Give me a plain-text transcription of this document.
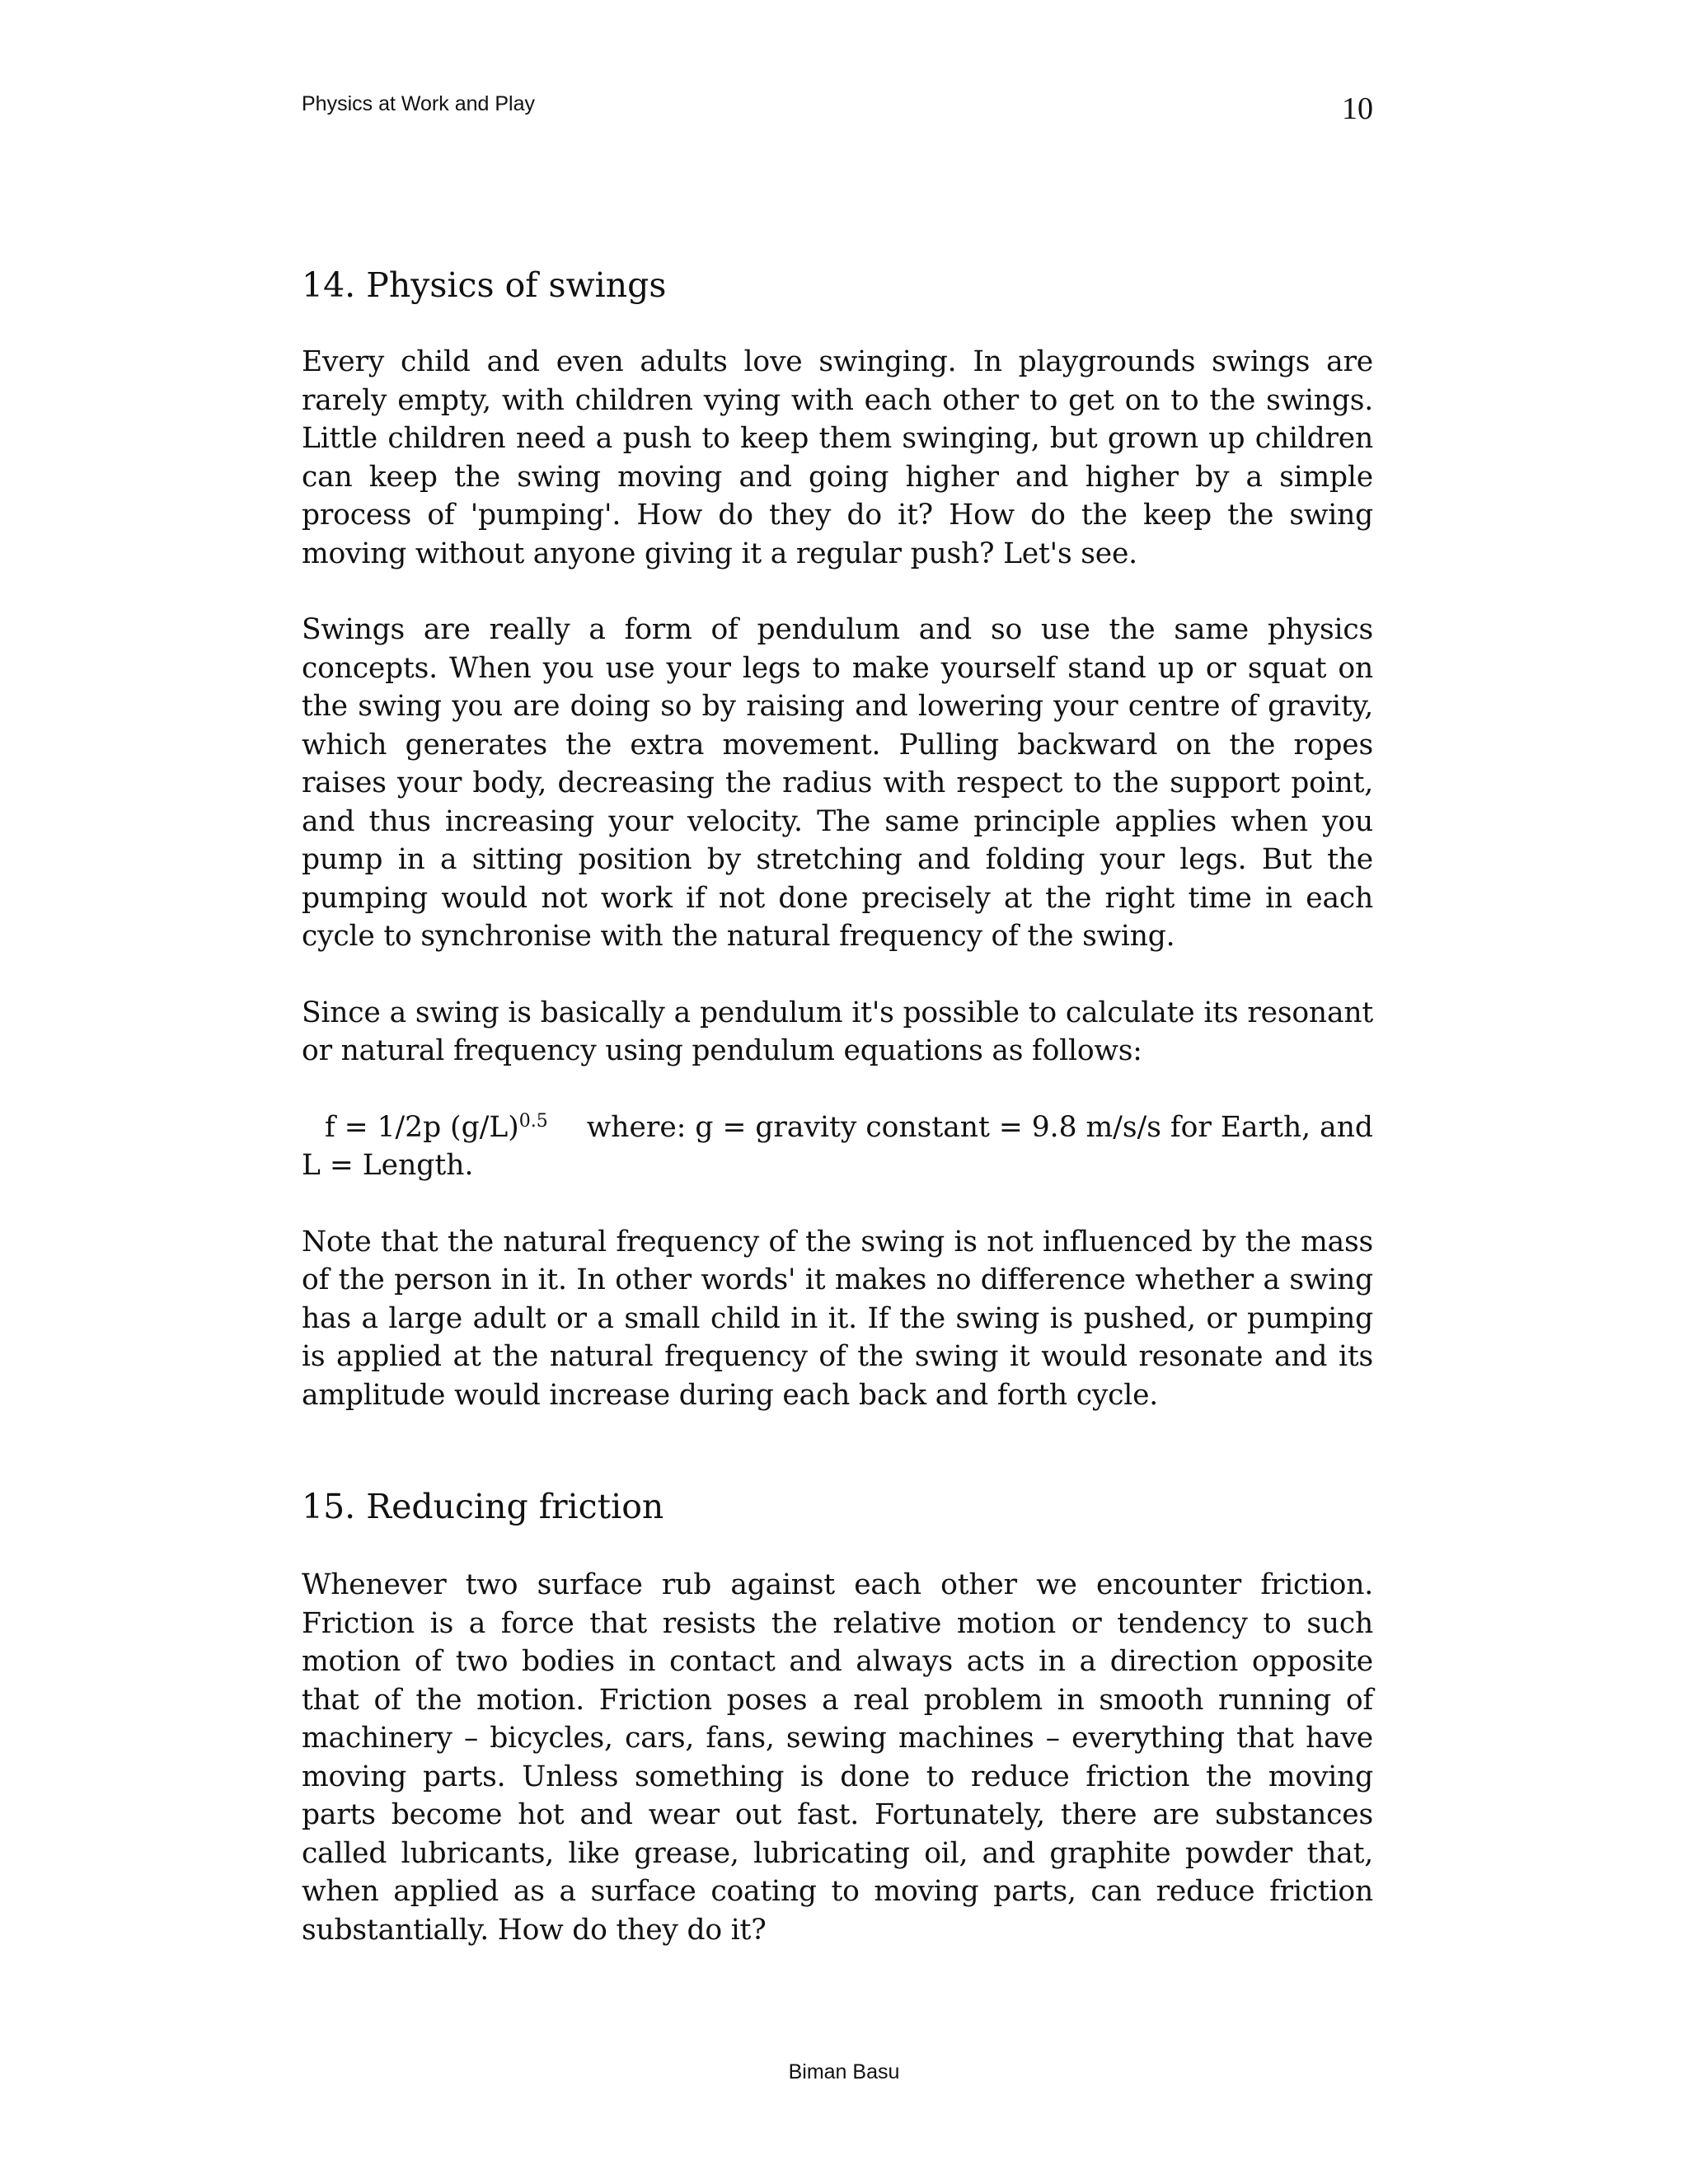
Physics at Work and Play	10
14. Physics of swings

Every child and even adults love swinging. In playgrounds swings are rarely empty, with children vying with each other to get on to the swings. Little children need a push to keep them swinging, but grown up children can keep the swing moving and going higher and higher by a simple process of 'pumping'. How do they do it? How do the keep the swing moving without anyone giving it a regular push? Let's see.

Swings are really a form of pendulum and so use the same physics concepts. When you use your legs to make yourself stand up or squat on the swing you are doing so by raising and lowering your centre of gravity, which generates the extra movement. Pulling backward on the ropes raises your body, decreasing the radius with respect to the support point, and thus increasing your velocity. The same principle applies when you pump in a sitting position by stretching and folding your legs. But the pumping would not work if not done precisely at the right time in each cycle to synchronise with the natural frequency of the swing.

Since a swing is basically a pendulum it's possible to calculate its resonant or natural frequency using pendulum equations as follows:

f = 1/2p $(g/L)^{0.5}$ where: g = gravity constant = 9.8 m/s/s for Earth, and
L = Length.

Note that the natural frequency of the swing is not influenced by the mass of the person in it. In other words' it makes no difference whether a swing has a large adult or a small child in it. If the swing is pushed, or pumping is applied at the natural frequency of the swing it would resonate and its amplitude would increase during each back and forth cycle.

15. Reducing friction

Whenever two surface rub against each other we encounter friction. Friction is a force that resists the relative motion or tendency to such motion of two bodies in contact and always acts in a direction opposite that of the motion. Friction poses a real problem in smooth running of machinery – bicycles, cars, fans, sewing machines – everything that have moving parts. Unless something is done to reduce friction the moving parts become hot and wear out fast. Fortunately, there are substances called lubricants, like grease, lubricating oil, and graphite powder that, when applied as a surface coating to moving parts, can reduce friction substantially. How do they do it?

Biman Basu
